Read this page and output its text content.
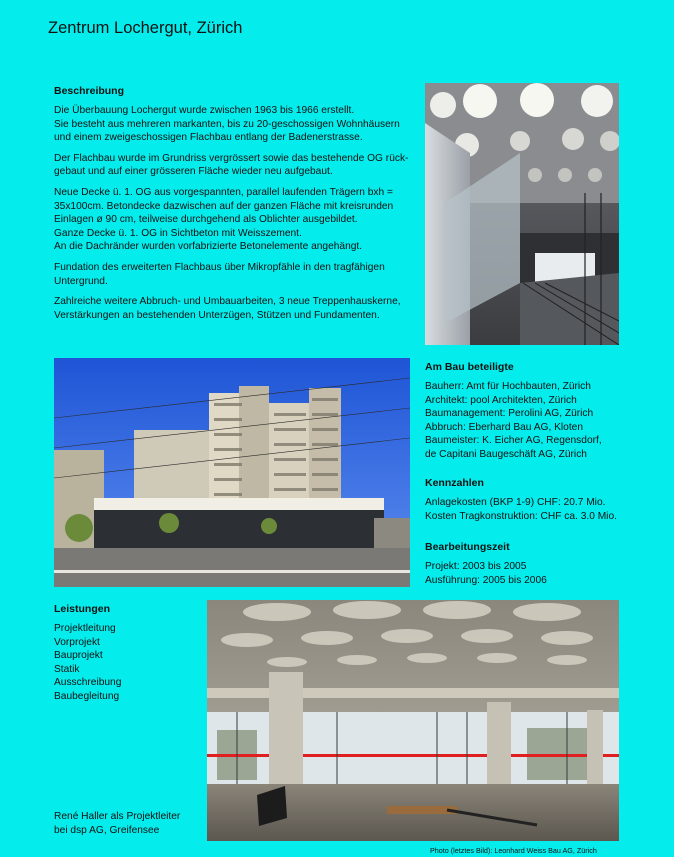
Zentrum Lochergut, Zürich
Beschreibung
Die Überbauung Lochergut wurde zwischen 1963 bis 1966 erstellt.
Sie besteht aus mehreren markanten, bis zu 20-geschossigen Wohnhäusern
und einem zweigeschossigen Flachbau entlang der Badenerstrasse.
Der Flachbau wurde im Grundriss vergrössert sowie das bestehende OG rück-
gebaut und auf einer grösseren Fläche wieder neu aufgebaut.
Neue Decke ü. 1. OG aus vorgespannten, parallel laufenden Trägern bxh =
35x100cm. Betondecke dazwischen auf der ganzen Fläche mit kreisrunden
Einlagen ø 90 cm, teilweise durchgehend als Oblichter ausgebildet.
Ganze Decke ü. 1. OG in Sichtbeton mit Weisszement.
An die Dachränder wurden vorfabrizierte Betonelemente angehängt.
Fundation des erweiterten Flachbaus über Mikropfähle in den tragfähigen
Untergrund.
Zahlreiche weitere Abbruch- und Umbauarbeiten, 3 neue Treppenhauskerne,
Verstärkungen an bestehenden Unterzügen, Stützen und Fundamenten.
Am Bau beteiligte
Bauherr: Amt für Hochbauten, Zürich
Architekt: pool Architekten, Zürich
Baumanagement: Perolini AG, Zürich
Abbruch: Eberhard Bau AG, Kloten
Baumeister: K. Eicher AG, Regensdorf,
de Capitani Baugeschäft AG, Zürich
Kennzahlen
Anlagekosten (BKP 1-9) CHF: 20.7 Mio.
Kosten Tragkonstruktion: CHF ca. 3.0 Mio.
Bearbeitungszeit
Projekt: 2003 bis 2005
Ausführung: 2005 bis 2006
Leistungen
Projektleitung
Vorprojekt
Bauprojekt
Statik
Ausschreibung
Baubegleitung
René Haller als Projektleiter
bei dsp AG, Greifensee
Photo (letztes Bild): Leonhard Weiss Bau AG, Zürich
